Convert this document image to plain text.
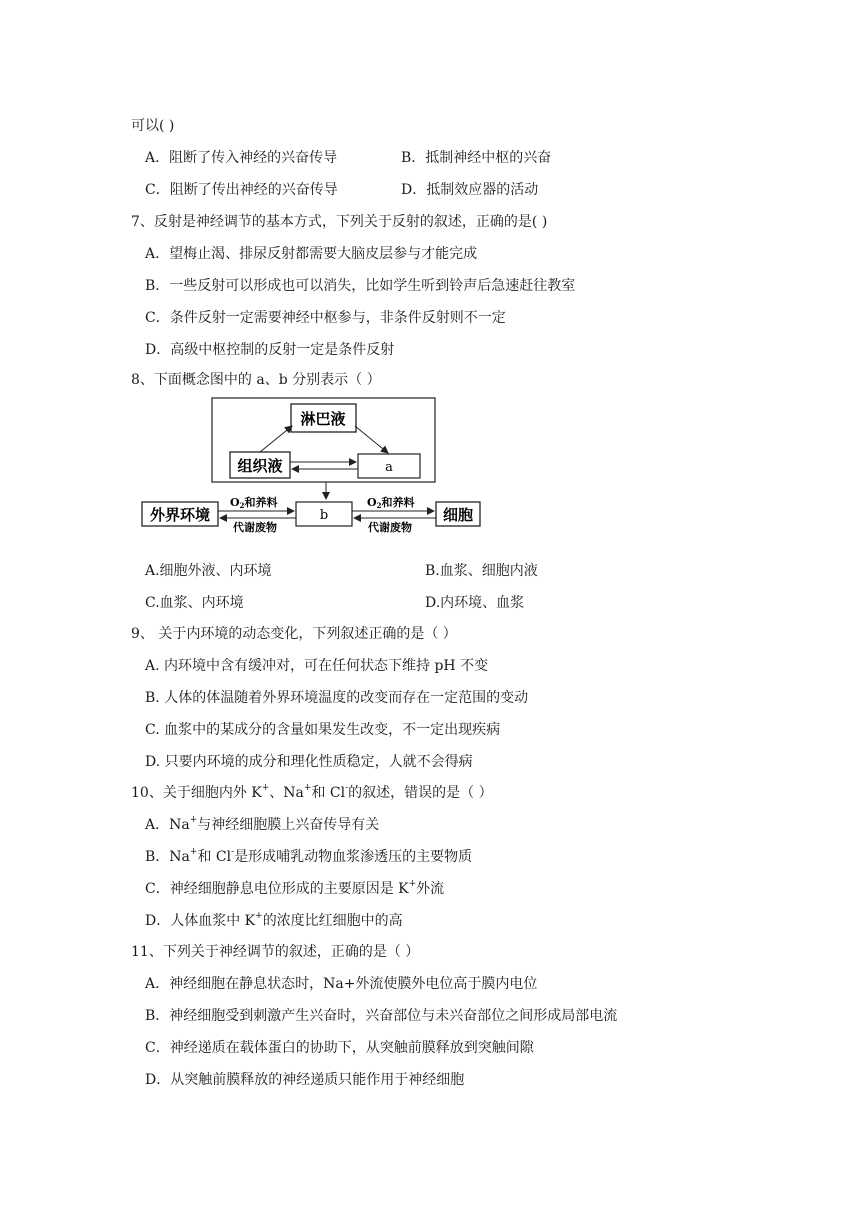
可以( )
A．阻断了传入神经的兴奋传导	B．抵制神经中枢的兴奋
C．阻断了传出神经的兴奋传导	D．抵制效应器的活动
7、反射是神经调节的基本方式，下列关于反射的叙述，正确的是( )
A．望梅止渴、排尿反射都需要大脑皮层参与才能完成
B．一些反射可以形成也可以消失，比如学生听到铃声后急速赶往教室
C．条件反射一定需要神经中枢参与，非条件反射则不一定
D．高级中枢控制的反射一定是条件反射
8、下面概念图中的 a、b 分别表示（ ）
淋巴液
组织液	a
b
外界环境	细胞
O2和养料
代谢废物
O2和养料
代谢废物
A.细胞外液、内环境	B.血浆、细胞内液
C.血浆、内环境	D.内环境、血浆
9、 关于内环境的动态变化，下列叙述正确的是（ ）
A. 内环境中含有缓冲对，可在任何状态下维持 pH 不变
B. 人体的体温随着外界环境温度的改变而存在一定范围的变动
C. 血浆中的某成分的含量如果发生改变，不一定出现疾病
D. 只要内环境的成分和理化性质稳定，人就不会得病
10、关于细胞内外 K+、Na+和 Cl-的叙述，错误的是（ ）
A．Na+与神经细胞膜上兴奋传导有关
B．Na+和 Cl-是形成哺乳动物血浆渗透压的主要物质
C．神经细胞静息电位形成的主要原因是 K+外流
D．人体血浆中 K+的浓度比红细胞中的高
11、下列关于神经调节的叙述，正确的是（ ）
A．神经细胞在静息状态时，Na+外流使膜外电位高于膜内电位
B．神经细胞受到刺激产生兴奋时，兴奋部位与未兴奋部位之间形成局部电流
C．神经递质在载体蛋白的协助下，从突触前膜释放到突触间隙
D．从突触前膜释放的神经递质只能作用于神经细胞
